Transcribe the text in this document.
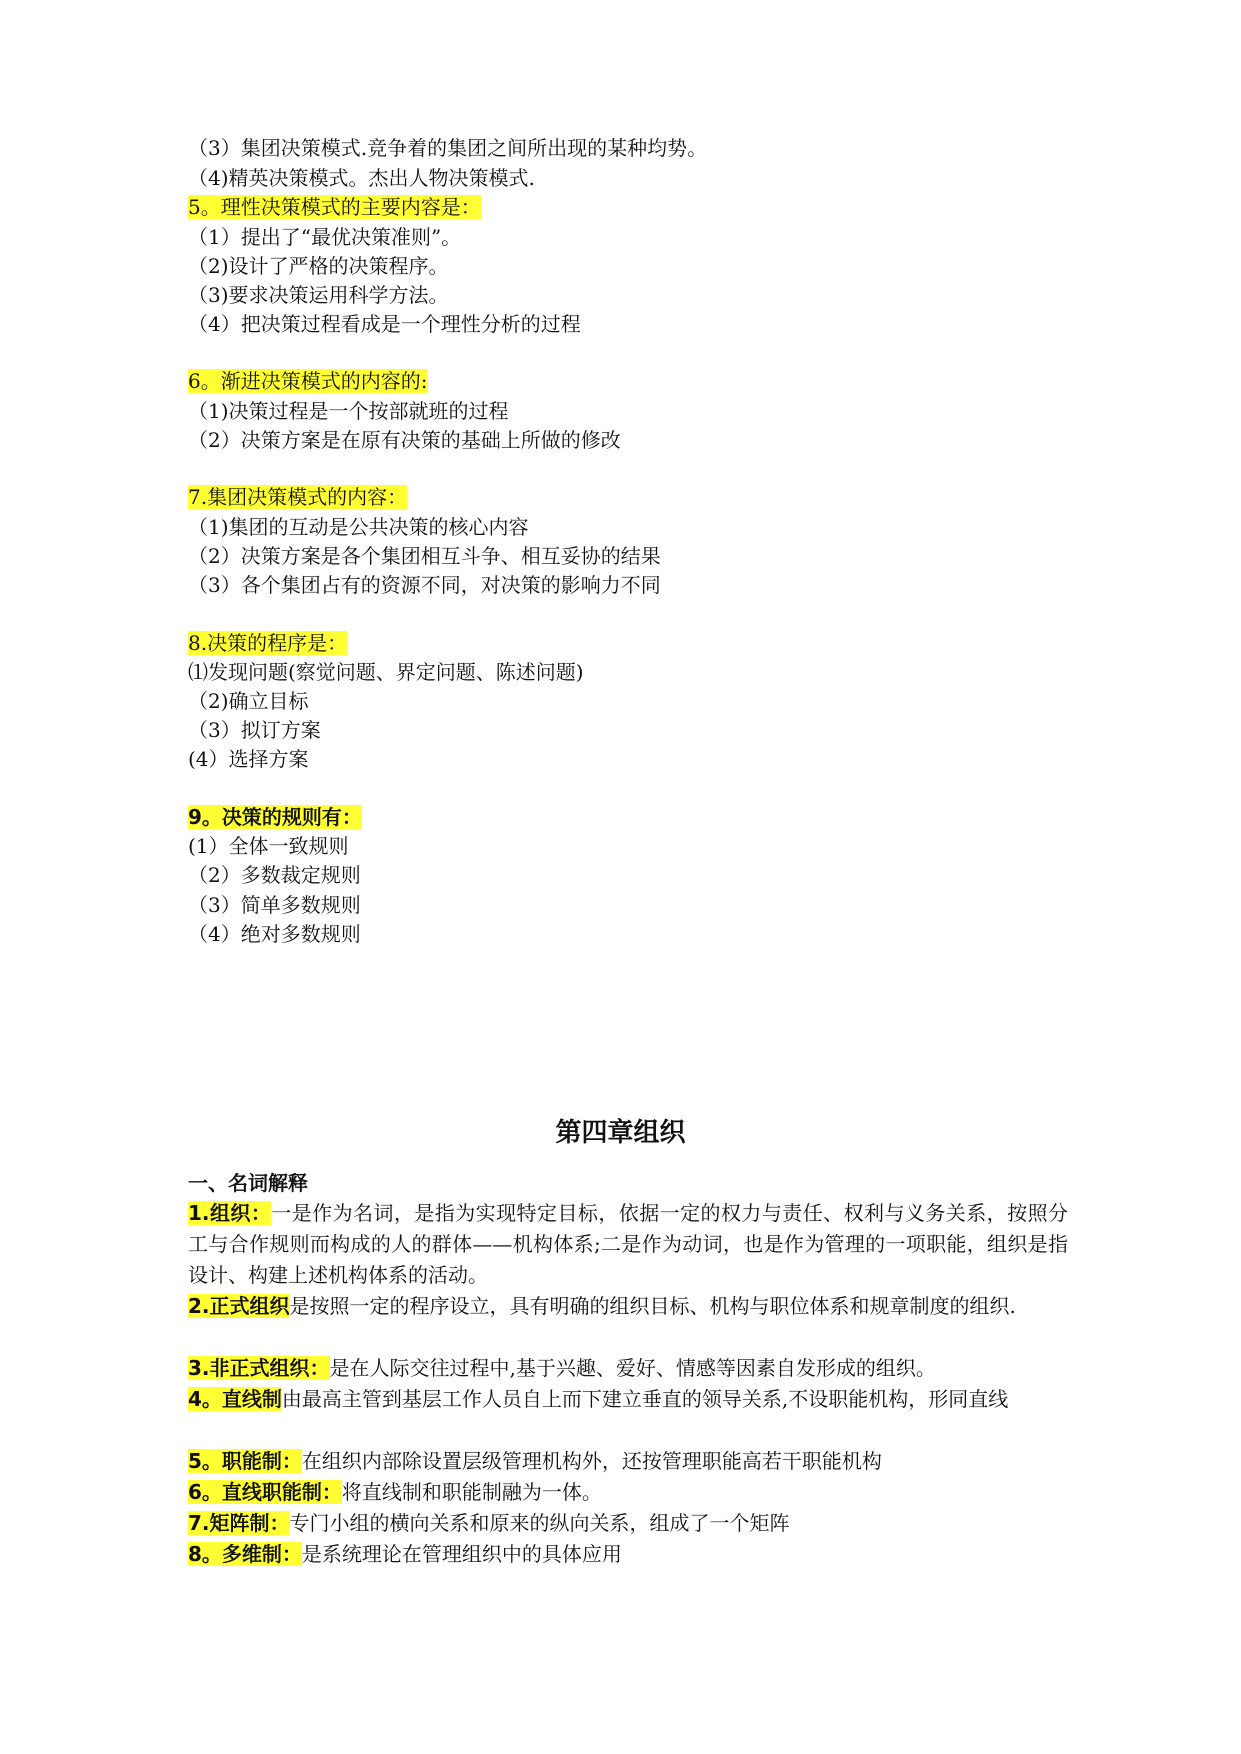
（3）集团决策模式.竞争着的集团之间所出现的某种均势。
（4)精英决策模式。杰出人物决策模式.
5。理性决策模式的主要内容是：
（1）提出了“最优决策准则”。
（2)设计了严格的决策程序。
（3)要求决策运用科学方法。
（4）把决策过程看成是一个理性分析的过程
6。渐进决策模式的内容的:
（1)决策过程是一个按部就班的过程
（2）决策方案是在原有决策的基础上所做的修改
7.集团决策模式的内容：
（1)集团的互动是公共决策的核心内容
（2）决策方案是各个集团相互斗争、相互妥协的结果
（3）各个集团占有的资源不同，对决策的影响力不同
8.决策的程序是：
⑴发现问题(察觉问题、界定问题、陈述问题)
（2)确立目标
（3）拟订方案
(4）选择方案
9。决策的规则有：
(1）全体一致规则
（2）多数裁定规则
（3）简单多数规则
（4）绝对多数规则
第四章组织
一、名词解释
1.组织：一是作为名词，是指为实现特定目标，依据一定的权力与责任、权利与义务关系，按照分工与合作规则而构成的人的群体——机构体系;二是作为动词，也是作为管理的一项职能，组织是指设计、构建上述机构体系的活动。
2.正式组织是按照一定的程序设立，具有明确的组织目标、机构与职位体系和规章制度的组织.
3.非正式组织：是在人际交往过程中,基于兴趣、爱好、情感等因素自发形成的组织。
4。直线制由最高主管到基层工作人员自上而下建立垂直的领导关系,不设职能机构，形同直线
5。职能制：在组织内部除设置层级管理机构外，还按管理职能高若干职能机构
6。直线职能制：将直线制和职能制融为一体。
7.矩阵制：专门小组的横向关系和原来的纵向关系，组成了一个矩阵
8。多维制：是系统理论在管理组织中的具体应用
